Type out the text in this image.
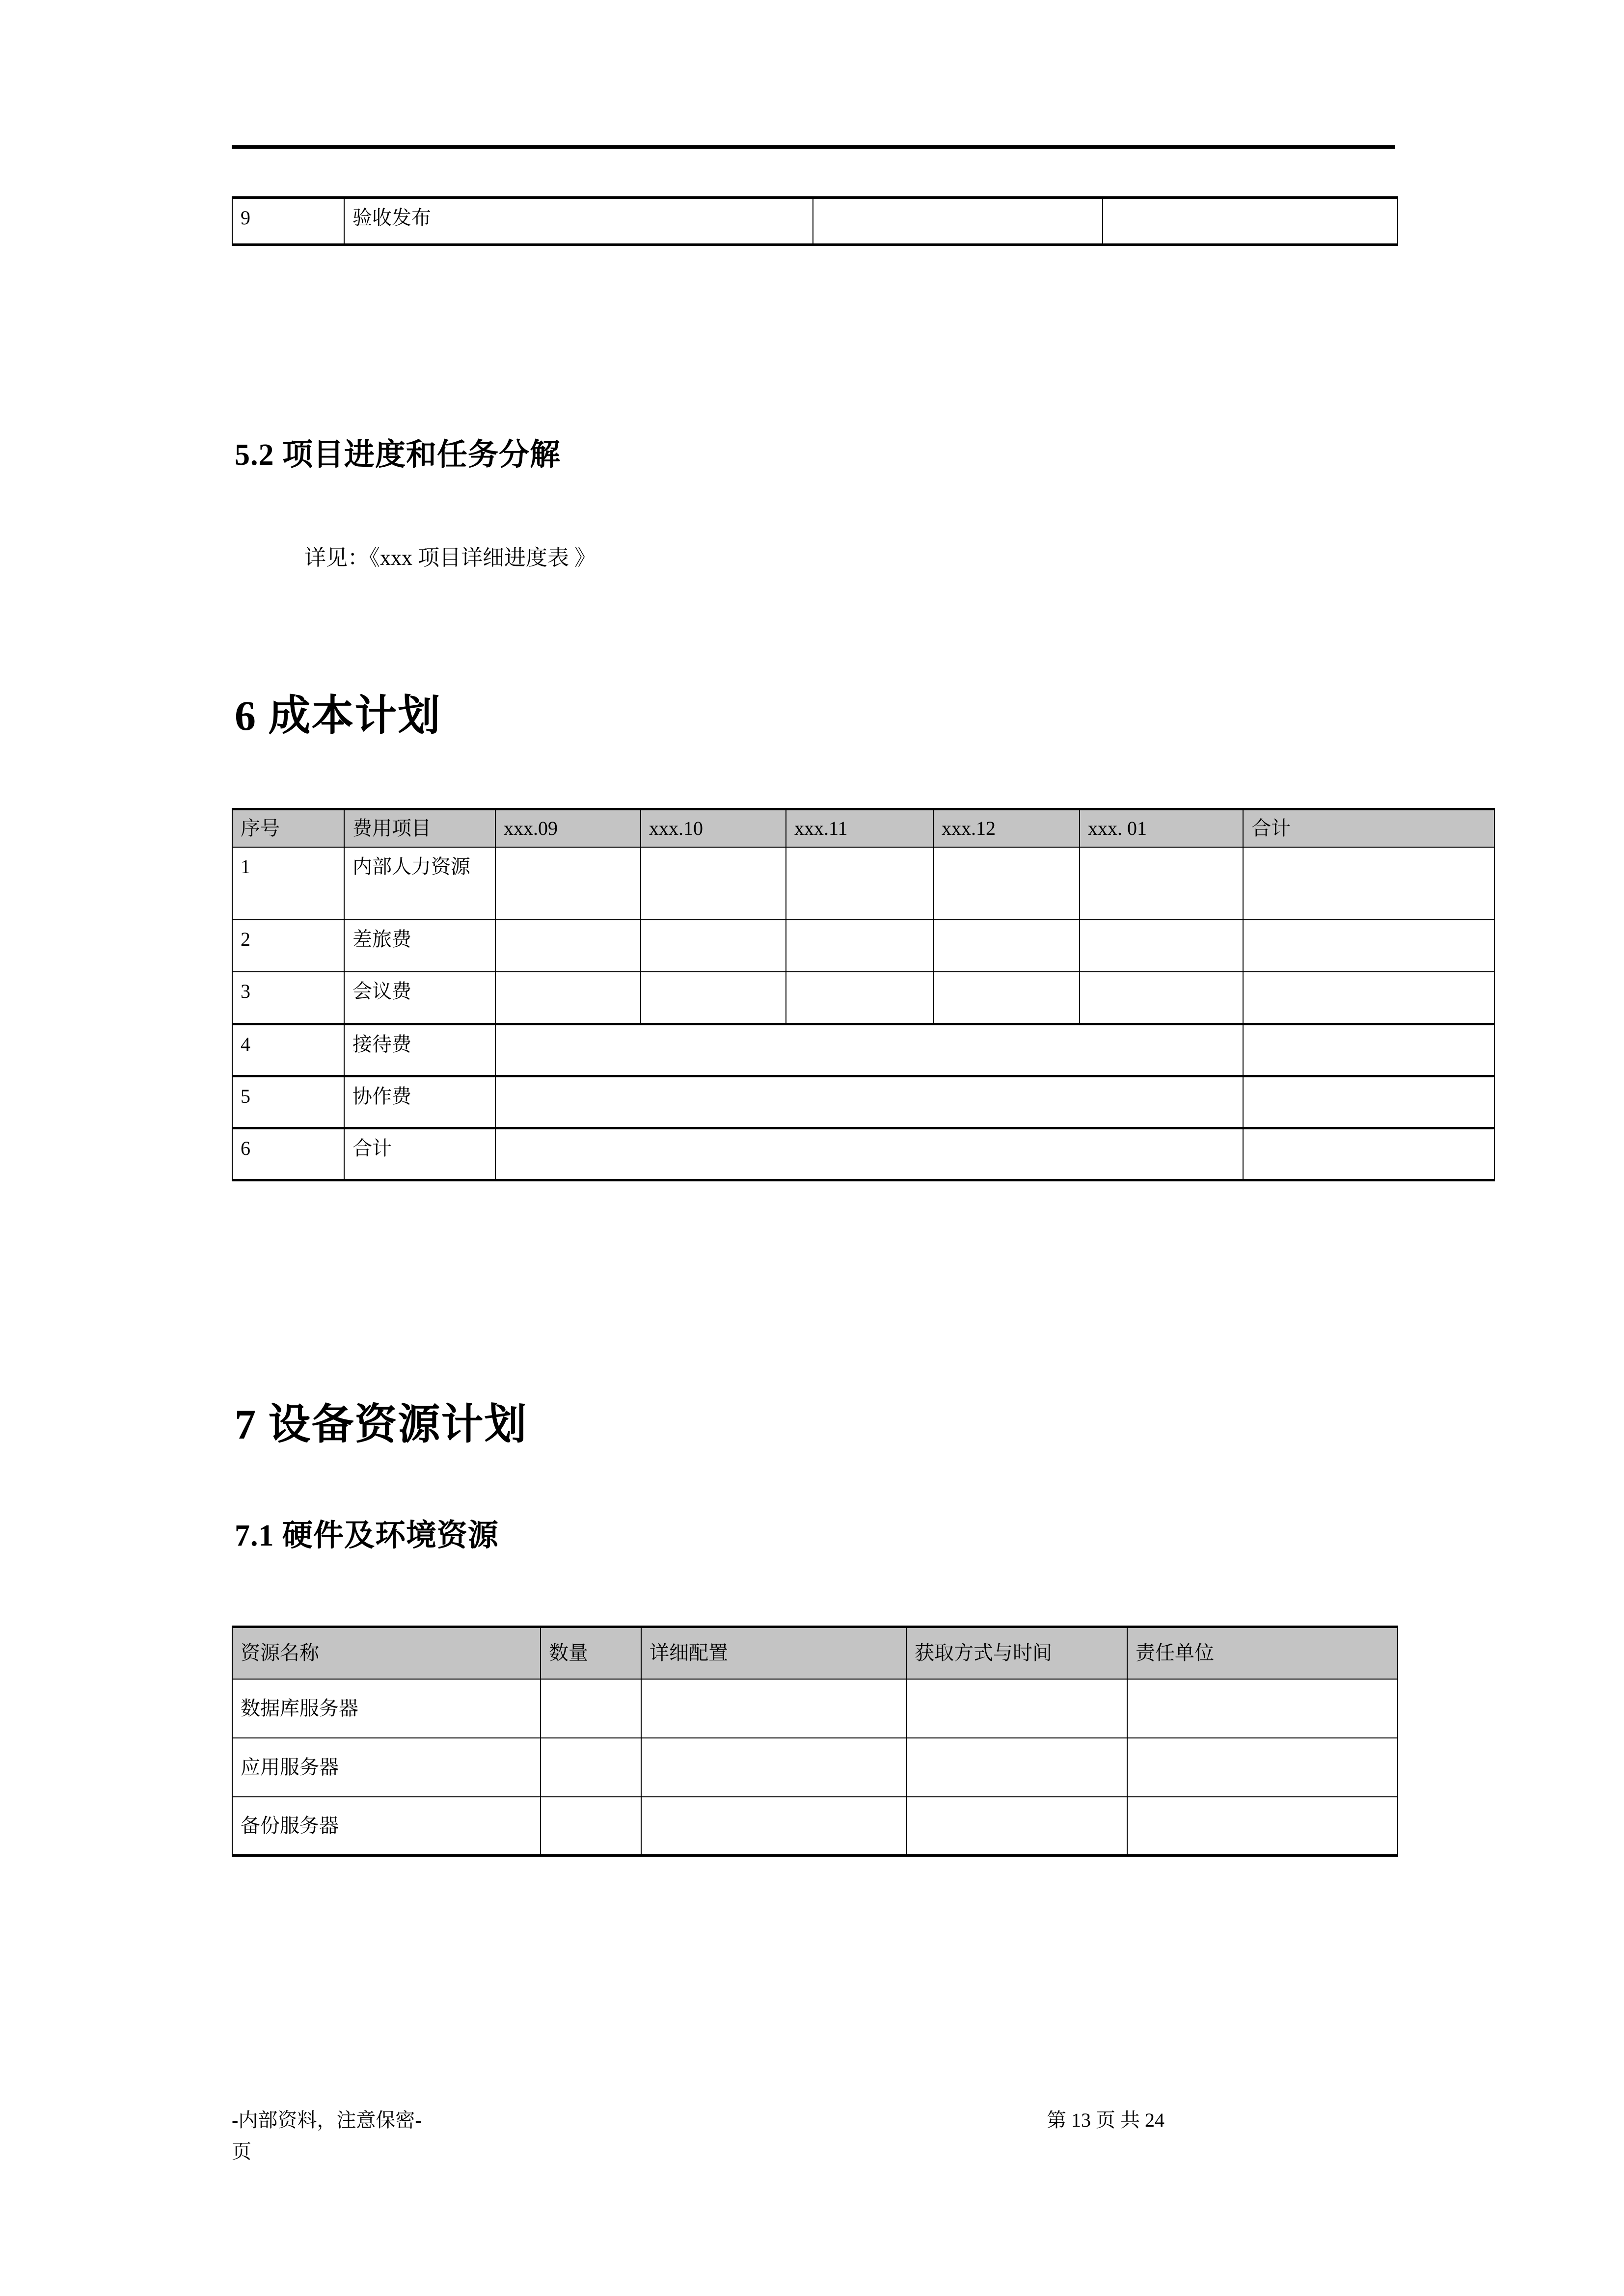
9	验收发布		
5.2 项目进度和任务分解
详见：《xxx 项目详细进度表 》
6 成本计划
序号	费用项目	xxx.09	xxx.10	xxx.11	xxx.12	xxx. 01	合计
1	内部人力资源						
2	差旅费						
3	会议费						
4	接待费						
5	协作费						
6	合计						
7 设备资源计划
7.1 硬件及环境资源
资源名称	数量	详细配置	获取方式与时间	责任单位
数据库服务器				
应用服务器				
备份服务器				
-内部资料，注意保密-
页
第 13 页 共 24
